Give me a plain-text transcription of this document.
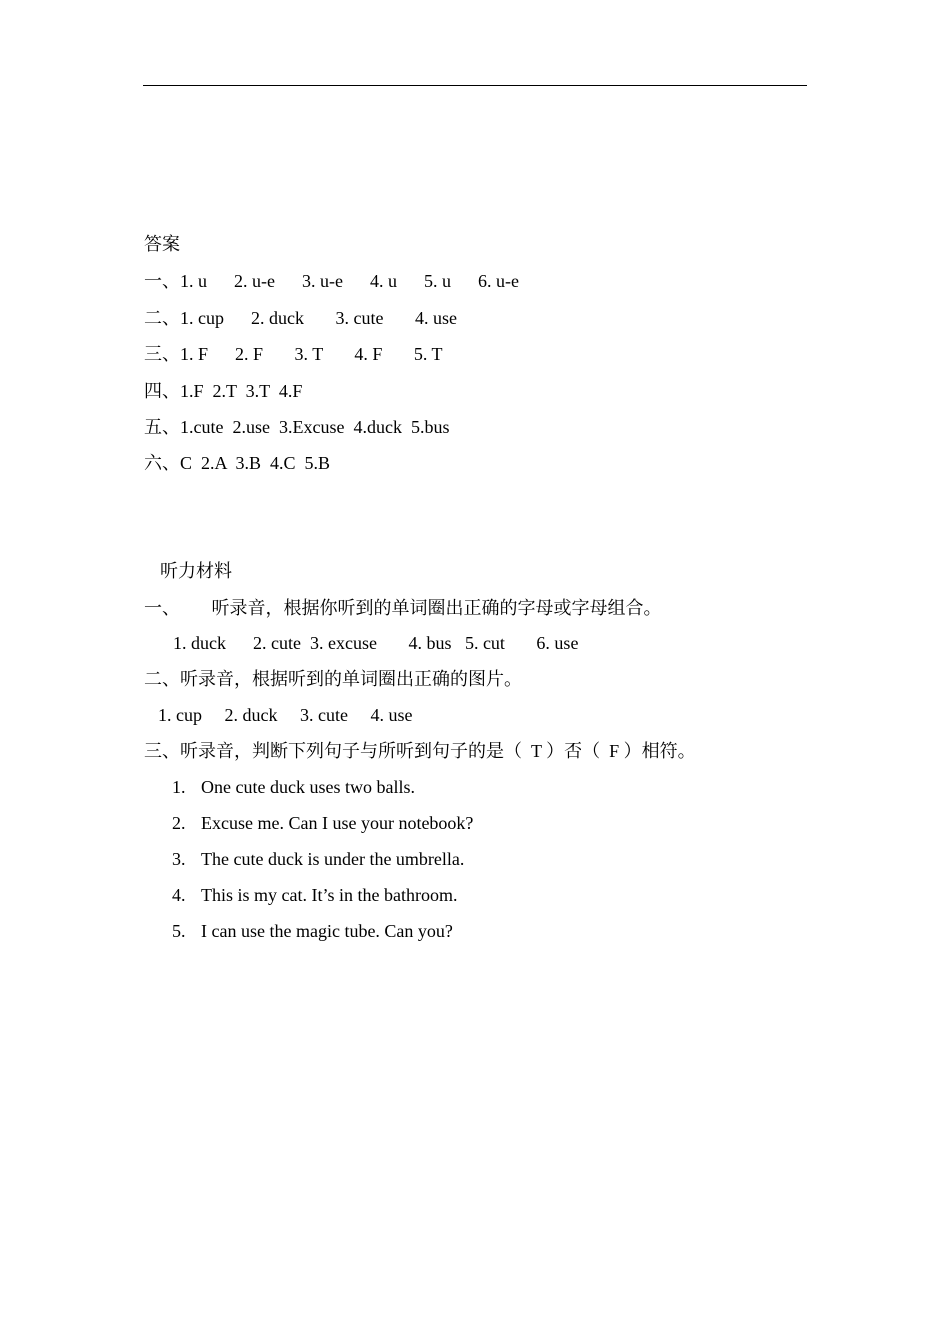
答案
一、1. u      2. u-e      3. u-e      4. u      5. u      6. u-e
二、1. cup      2. duck       3. cute       4. use
三、1. F      2. F       3. T       4. F       5. T
四、1.F  2.T  3.T  4.F
五、1.cute  2.use  3.Excuse  4.duck  5.bus
六、C  2.A  3.B  4.C  5.B
听力材料
一、       听录音，根据你听到的单词圈出正确的字母或字母组合。
1. duck      2. cute  3. excuse       4. bus   5. cut       6. use
二、听录音，根据听到的单词圈出正确的图片。
1. cup     2. duck     3. cute     4. use
三、听录音，判断下列句子与所听到句子的是（  T ）否（  F ）相符。
1. One cute duck uses two balls.
2. Excuse me. Can I use your notebook?
3. The cute duck is under the umbrella.
4. This is my cat. It’s in the bathroom.
5. I can use the magic tube. Can you?
